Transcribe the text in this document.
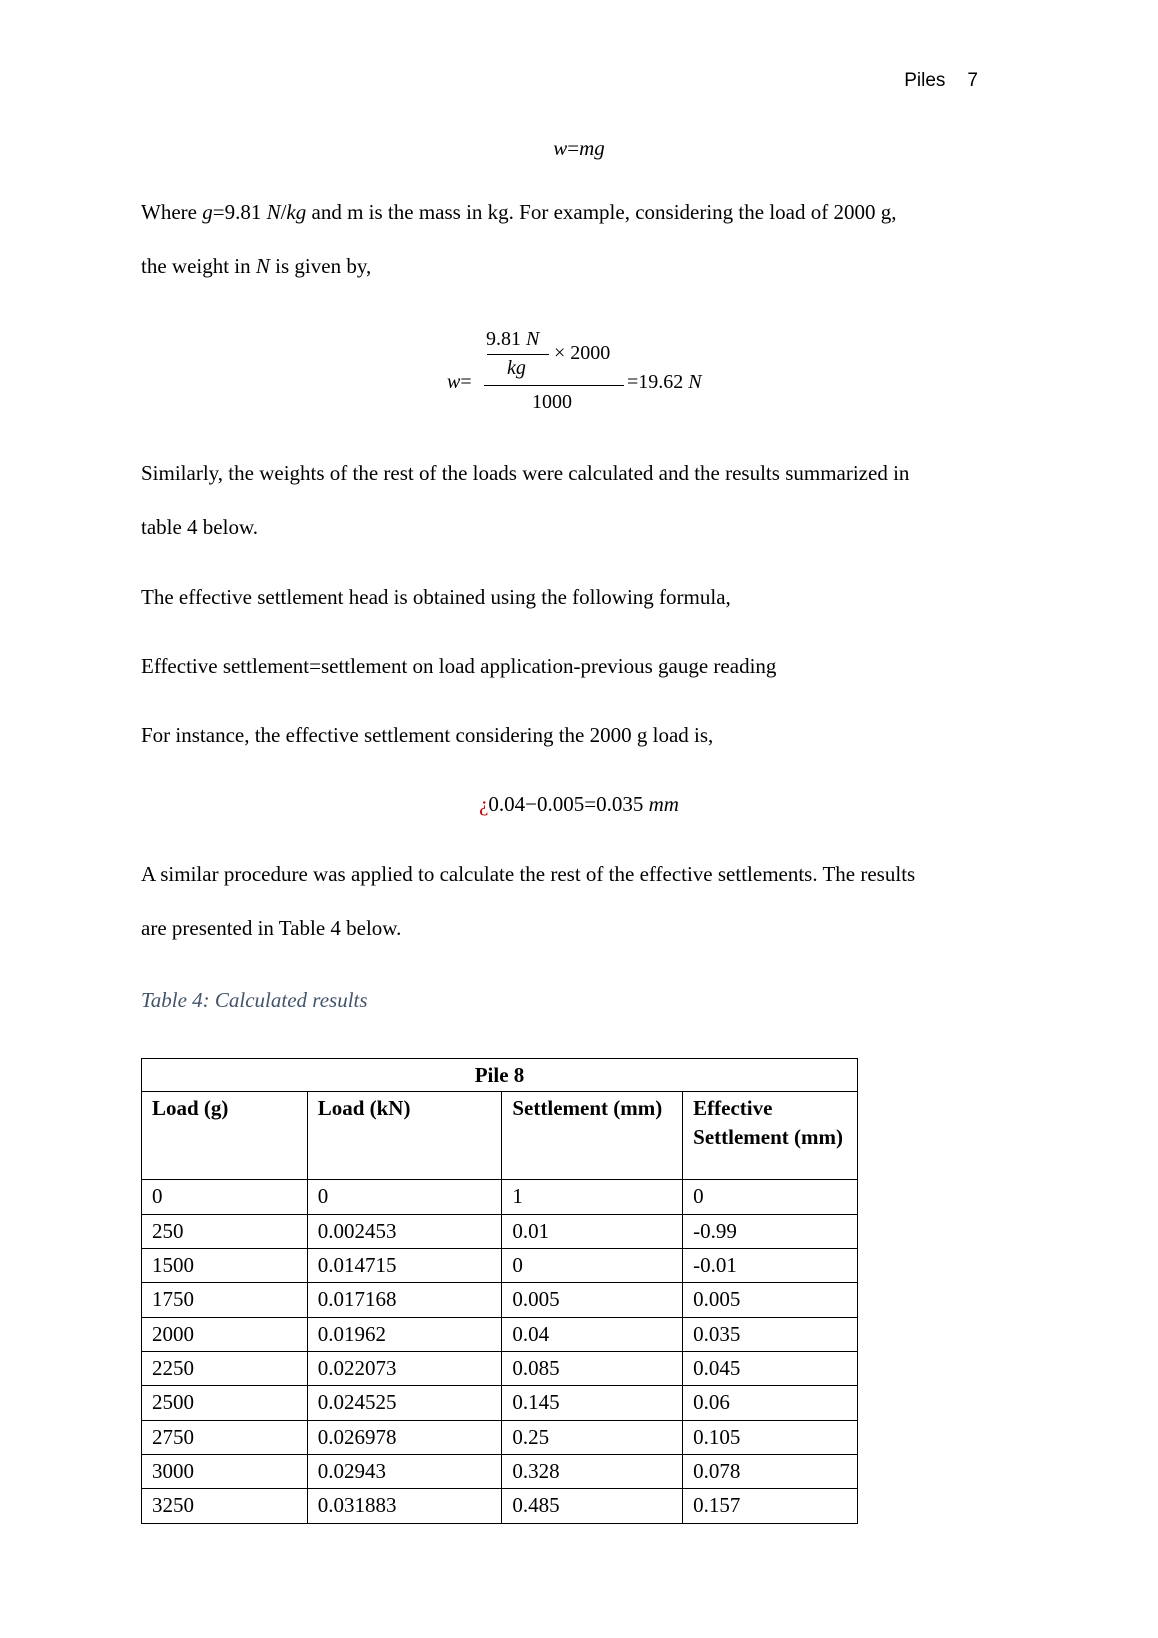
Piles 7
w=mg
Where g=9.81 N/kg and m is the mass in kg. For example, considering the load of 2000 g,
the weight in N is given by,
9.81 N
kg
× 2000
w=	=19.62 N
1000
Similarly, the weights of the rest of the loads were calculated and the results summarized in
table 4 below.
The effective settlement head is obtained using the following formula,
Effective settlement=settlement on load application-previous gauge reading
For instance, the effective settlement considering the 2000 g load is,
¿0.04−0.005=0.035 mm
A similar procedure was applied to calculate the rest of the effective settlements. The results
are presented in Table 4 below.
Table 4: Calculated results
Pile 8			
Load (g)	Load (kN)	Settlement (mm)	Effective Settlement (mm)
0	0	1	0
250	0.002453	0.01	-0.99
1500	0.014715	0	-0.01
1750	0.017168	0.005	0.005
2000	0.01962	0.04	0.035
2250	0.022073	0.085	0.045
2500	0.024525	0.145	0.06
2750	0.026978	0.25	0.105
3000	0.02943	0.328	0.078
3250	0.031883	0.485	0.157
